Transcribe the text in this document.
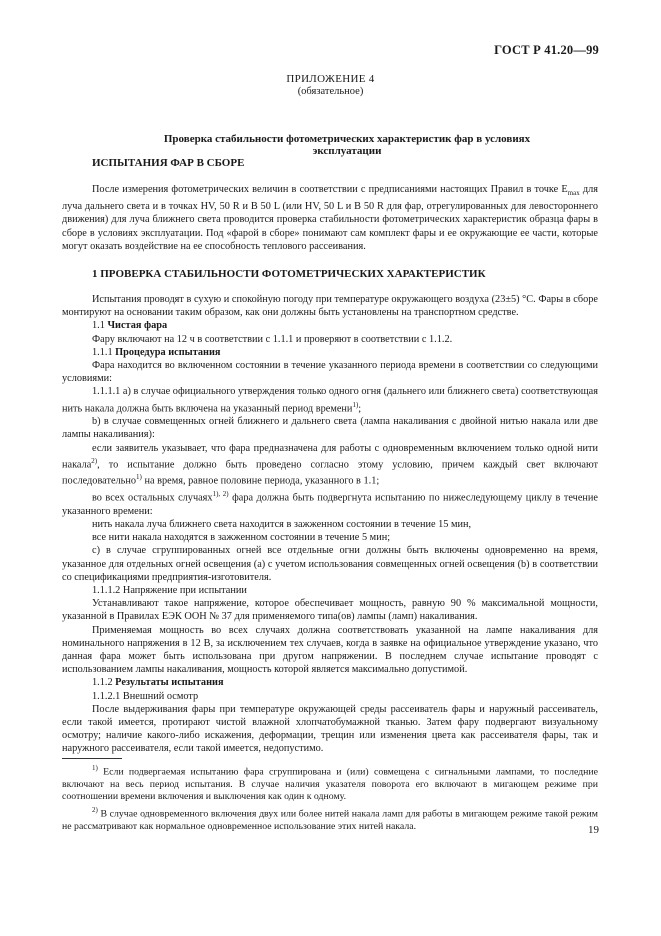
ГОСТ Р 41.20—99
ПРИЛОЖЕНИЕ 4
(обязательное)
Проверка стабильности фотометрических характеристик фар в условиях эксплуатации
ИСПЫТАНИЯ ФАР В СБОРЕ

После измерения фотометрических величин в соответствии с предписаниями настоящих Правил в точке $E_{max}$ для луча дальнего света и в точках HV, 50 R и B 50 L (или HV, 50 L и B 50 R для фар, отрегулированных для левостороннего движения) для луча ближнего света проводится проверка стабильности фотометрических характеристик образца фары в сборе в условиях эксплуатации. Под «фарой в сборе» понимают сам комплект фары и ее окружающие ее части, которые могут оказать воздействие на ее способность теплового рассеивания.

1 ПРОВЕРКА СТАБИЛЬНОСТИ ФОТОМЕТРИЧЕСКИХ ХАРАКТЕРИСТИК

Испытания проводят в сухую и спокойную погоду при температуре окружающего воздуха (23±5) °С. Фары в сборе монтируют на основании таким образом, как они должны быть установлены на транспортном средстве.

1.1 Чистая фара

Фару включают на 12 ч в соответствии с 1.1.1 и проверяют в соответствии с 1.1.2.

1.1.1 Процедура испытания

Фара находится во включенном состоянии в течение указанного периода времени в соответствии со следующими условиями:

1.1.1.1 а) в случае официального утверждения только одного огня (дальнего или ближнего света) соответствующая нить накала должна быть включена на указанный период времени$^{1)}$;

b) в случае совмещенных огней ближнего и дальнего света (лампа накаливания с двойной нитью накала или две лампы накаливания):

если заявитель указывает, что фара предназначена для работы с одновременным включением только одной нити накала$^{2)}$, то испытание должно быть проведено согласно этому условию, причем каждый свет включают последовательно$^{1)}$ на время, равное половине периода, указанного в 1.1;

во всех остальных случаях$^{1), 2)}$ фара должна быть подвергнута испытанию по нижеследующему циклу в течение указанного времени:

нить накала луча ближнего света находится в зажженном состоянии в течение 15 мин,

все нити накала находятся в зажженном состоянии в течение 5 мин;

c) в случае сгруппированных огней все отдельные огни должны быть включены одновременно на время, указанное для отдельных огней освещения (а) с учетом использования совмещенных огней освещения (b) в соответствии со спецификациями предприятия-изготовителя.

1.1.1.2 Напряжение при испытании

Устанавливают такое напряжение, которое обеспечивает мощность, равную 90 % максимальной мощности, указанной в Правилах ЕЭК ООН № 37 для применяемого типа(ов) лампы (ламп) накаливания.

Применяемая мощность во всех случаях должна соответствовать указанной на лампе накаливания для номинального напряжения в 12 В, за исключением тех случаев, когда в заявке на официальное утверждение указано, что данная фара может быть использована при другом напряжении. В последнем случае испытание проводят с использованием лампы накаливания, мощность которой является максимально допустимой.

1.1.2 Результаты испытания

1.1.2.1 Внешний осмотр

После выдерживания фары при температуре окружающей среды рассеиватель фары и наружный рассеиватель, если такой имеется, протирают чистой влажной хлопчатобумажной тканью. Затем фару подвергают визуальному осмотру; наличие какого-либо искажения, деформации, трещин или изменения цвета как рассеивателя фары, так и наружного рассеивателя, если такой имеется, недопустимо.

$^{1)}$ Если подвергаемая испытанию фара сгруппирована и (или) совмещена с сигнальными лампами, то последние включают на весь период испытания. В случае наличия указателя поворота его включают в мигающем режиме при соотношении времени включения и выключения как один к одному.

$^{2)}$ В случае одновременного включения двух или более нитей накала ламп для работы в мигающем режиме такой режим не рассматривают как нормальное одновременное использование этих нитей накала.	19
